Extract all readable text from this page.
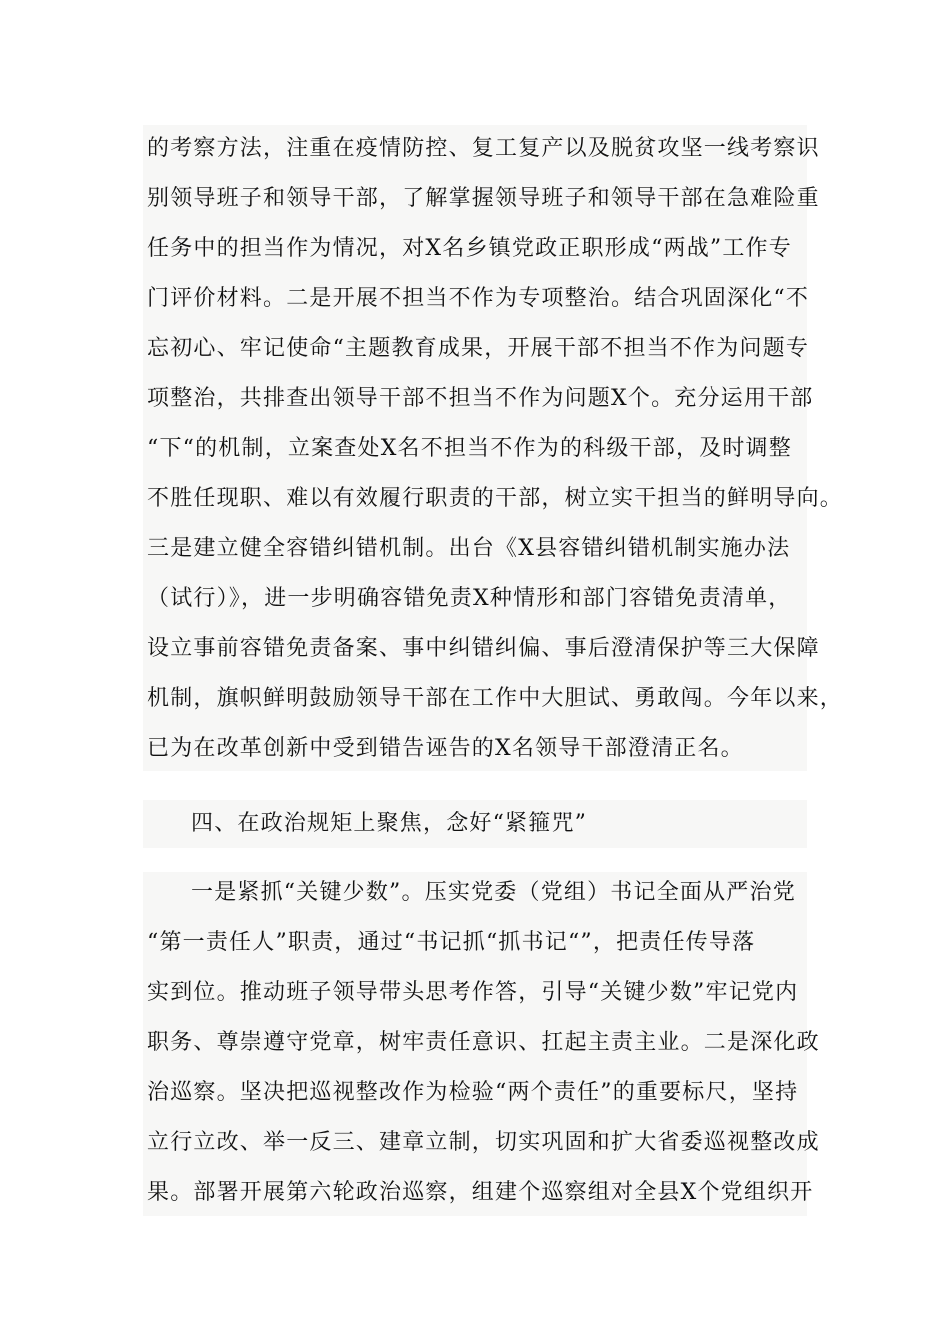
的考察方法，注重在疫情防控、复工复产以及脱贫攻坚一线考察识
别领导班子和领导干部，了解掌握领导班子和领导干部在急难险重
任务中的担当作为情况，对X名乡镇党政正职形成“两战”工作专
门评价材料。二是开展不担当不作为专项整治。结合巩固深化“不
忘初心、牢记使命“主题教育成果，开展干部不担当不作为问题专
项整治，共排查出领导干部不担当不作为问题X个。充分运用干部
“下“的机制，立案查处X名不担当不作为的科级干部，及时调整
不胜任现职、难以有效履行职责的干部，树立实干担当的鲜明导向。
三是建立健全容错纠错机制。出台《X县容错纠错机制实施办法
（试行）》，进一步明确容错免责X种情形和部门容错免责清单，
设立事前容错免责备案、事中纠错纠偏、事后澄清保护等三大保障
机制，旗帜鲜明鼓励领导干部在工作中大胆试、勇敢闯。今年以来，
已为在改革创新中受到错告诬告的X名领导干部澄清正名。
四、在政治规矩上聚焦，念好“紧箍咒”
一是紧抓“关键少数”。压实党委（党组）书记全面从严治党
“第一责任人”职责，通过“书记抓“抓书记“”，把责任传导落
实到位。推动班子领导带头思考作答，引导“关键少数”牢记党内
职务、尊崇遵守党章，树牢责任意识、扛起主责主业。二是深化政
治巡察。坚决把巡视整改作为检验“两个责任”的重要标尺，坚持
立行立改、举一反三、建章立制，切实巩固和扩大省委巡视整改成
果。部署开展第六轮政治巡察，组建个巡察组对全县X个党组织开
